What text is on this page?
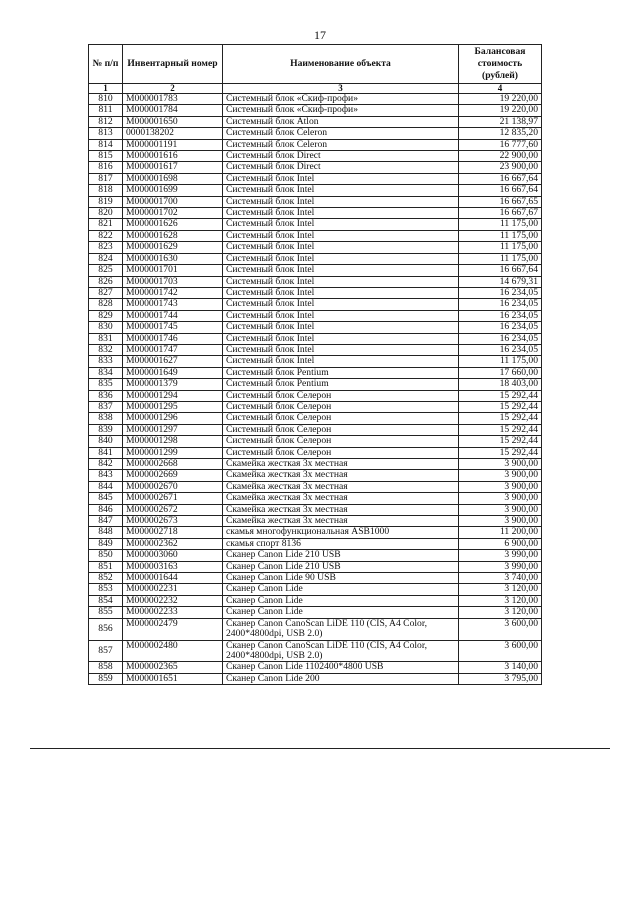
17
№ п/п	Инвентарный номер	Наименование объекта	Балансовая стоимость (рублей)
1	2	3	4
810	М000001783	Системный блок «Скиф-профи»	19 220,00
811	М000001784	Системный блок «Скиф-профи»	19 220,00
812	М000001650	Системный блок Atlon	21 138,97
813	0000138202	Системный блок Celeron	12 835,20
814	М000001191	Системный блок Celeron	16 777,60
815	М000001616	Системный блок Direct	22 900,00
816	М000001617	Системный блок Direct	23 900,00
817	М000001698	Системный блок Intel	16 667,64
818	М000001699	Системный блок Intel	16 667,64
819	М000001700	Системный блок Intel	16 667,65
820	М000001702	Системный блок Intel	16 667,67
821	М000001626	Системный блок Intel	11 175,00
822	М000001628	Системный блок Intel	11 175,00
823	М000001629	Системный блок Intel	11 175,00
824	М000001630	Системный блок Intel	11 175,00
825	М000001701	Системный блок Intel	16 667,64
826	М000001703	Системный блок Intel	14 679,31
827	М000001742	Системный блок Intel	16 234,05
828	М000001743	Системный блок Intel	16 234,05
829	М000001744	Системный блок Intel	16 234,05
830	М000001745	Системный блок Intel	16 234,05
831	М000001746	Системный блок Intel	16 234,05
832	М000001747	Системный блок Intel	16 234,05
833	М000001627	Системный блок Intel	11 175,00
834	М000001649	Системный блок Pentium	17 660,00
835	М000001379	Системный блок Pentium	18 403,00
836	М000001294	Системный блок Селерон	15 292,44
837	М000001295	Системный блок Селерон	15 292,44
838	М000001296	Системный блок Селерон	15 292,44
839	М000001297	Системный блок Селерон	15 292,44
840	М000001298	Системный блок Селерон	15 292,44
841	М000001299	Системный блок Селерон	15 292,44
842	М000002668	Скамейка жесткая 3х местная	3 900,00
843	М000002669	Скамейка жесткая 3х местная	3 900,00
844	М000002670	Скамейка жесткая 3х местная	3 900,00
845	М000002671	Скамейка жесткая 3х местная	3 900,00
846	М000002672	Скамейка жесткая 3х местная	3 900,00
847	М000002673	Скамейка жесткая 3х местная	3 900,00
848	М000002718	скамья многофункциональная ASB1000	11 200,00
849	М000002362	скамья спорт 8136	6 900,00
850	М000003060	Сканер Canon Lide 210 USB	3 990,00
851	М000003163	Сканер Canon Lide 210 USB	3 990,00
852	М000001644	Сканер Canon Lide 90 USB	3 740,00
853	М000002231	Сканер Canon Lide	3 120,00
854	М000002232	Сканер Canon Lide	3 120,00
855	М000002233	Сканер Canon Lide	3 120,00
856	М000002479	Сканер Canon CanoScan LiDE 110 (CIS, A4 Color, 2400*4800dpi, USB 2.0)	3 600,00
857	М000002480	Сканер Canon CanoScan LiDE 110 (CIS, A4 Color, 2400*4800dpi, USB 2.0)	3 600,00
858	М000002365	Сканер Canon Lide 1102400*4800 USB	3 140,00
859	М000001651	Сканер Canon Lide 200	3 795,00
